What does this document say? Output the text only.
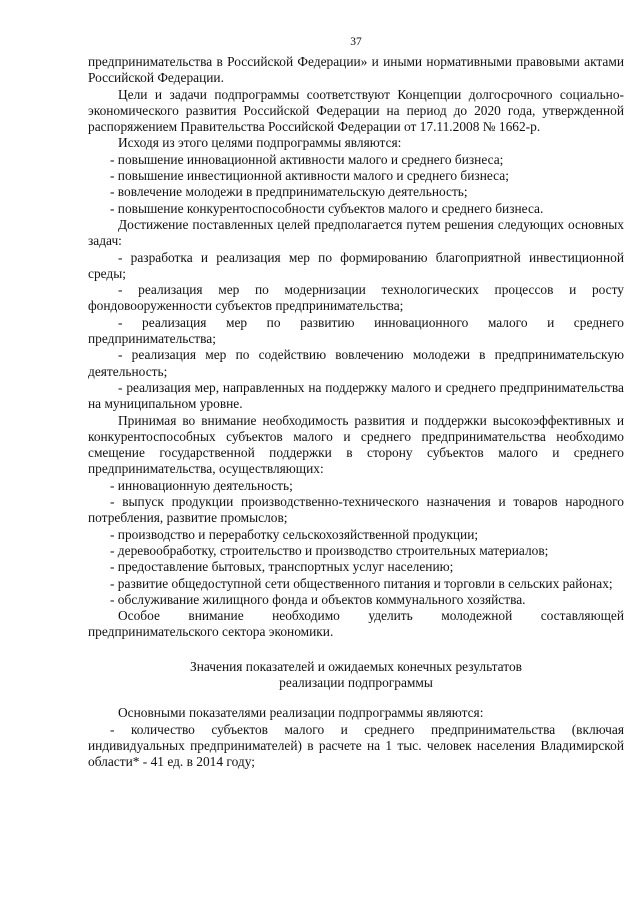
37

предпринимательства в Российской Федерации» и иными нормативными правовыми актами Российской Федерации.

Цели и задачи подпрограммы соответствуют Концепции долгосрочного социально-экономического развития Российской Федерации на период до 2020 года, утвержденной распоряжением Правительства Российской Федерации от 17.11.2008 № 1662-р.

Исходя из этого целями подпрограммы являются:

- повышение инновационной активности малого и среднего бизнеса;

- повышение инвестиционной активности малого и среднего бизнеса;

- вовлечение молодежи в предпринимательскую деятельность;

- повышение конкурентоспособности субъектов малого и среднего бизнеса.

Достижение поставленных целей предполагается путем решения следующих основных задач:

- разработка и реализация мер по формированию благоприятной инвестиционной среды;

- реализация мер по модернизации технологических процессов и росту фондовооруженности субъектов предпринимательства;

- реализация мер по развитию инновационного малого и среднего предпринимательства;

- реализация мер по содействию вовлечению молодежи в предпринимательскую деятельность;

- реализация мер, направленных на поддержку малого и среднего предпринимательства на муниципальном уровне.

Принимая во внимание необходимость развития и поддержки высокоэффективных и конкурентоспособных субъектов малого и среднего предпринимательства необходимо смещение государственной поддержки в сторону субъектов малого и среднего предпринимательства, осуществляющих:

- инновационную деятельность;

- выпуск продукции производственно-технического назначения и товаров народного потребления, развитие промыслов;

- производство и переработку сельскохозяйственной продукции;

- деревообработку, строительство и производство строительных материалов;

- предоставление бытовых, транспортных услуг населению;

- развитие общедоступной сети общественного питания и торговли в сельских районах;

- обслуживание жилищного фонда и объектов коммунального хозяйства.

Особое внимание необходимо уделить молодежной составляющей предпринимательского сектора экономики.

Значения показателей и ожидаемых конечных результатов
реализации подпрограммы

Основными показателями реализации подпрограммы являются:

- количество субъектов малого и среднего предпринимательства (включая индивидуальных предпринимателей) в расчете на 1 тыс. человек населения Владимирской области* - 41 ед. в 2014 году;
